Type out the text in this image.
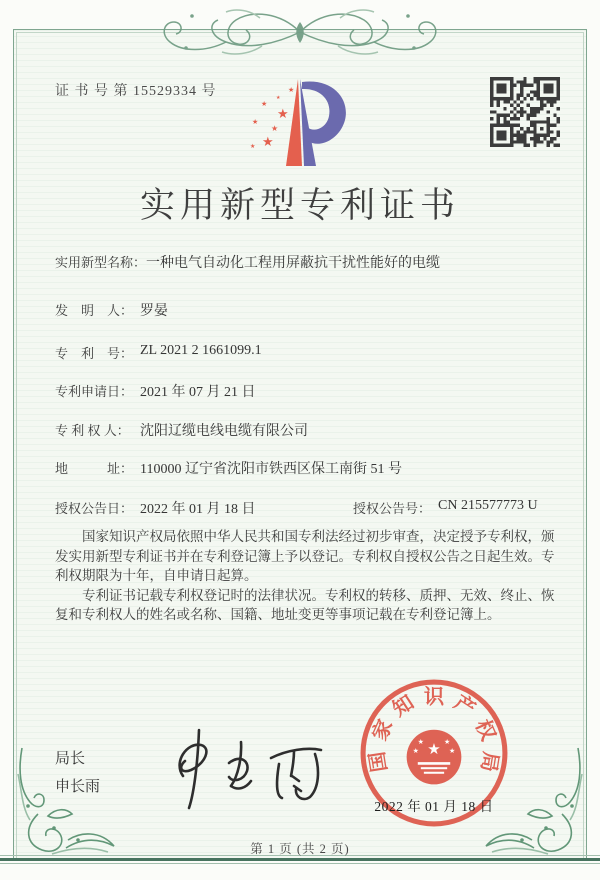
证 书 号 第 15529334 号	★
★
★
★
★
★
★
★
实用新型专利证书
实用新型名称： 一种电气自动化工程用屏蔽抗干扰性能好的电缆
发　明　人： 罗晏
专　利　号： ZL 2021 2 1661099.1
专利申请日： 2021 年 07 月 21 日
专 利 权 人： 沈阳辽缆电线电缆有限公司
地　　　址： 110000 辽宁省沈阳市铁西区保工南街 51 号
授权公告日： 2022 年 01 月 18 日	授权公告号： CN 215577773 U

国家知识产权局依照中华人民共和国专利法经过初步审查，决定授予专利权，颁发实用新型专利证书并在专利登记簿上予以登记。专利权自授权公告之日起生效。专利权期限为十年，自申请日起算。

专利证书记载专利权登记时的法律状况。专利权的转移、质押、无效、终止、恢复和专利权人的姓名或名称、国籍、地址变更等事项记载在专利登记簿上。

局长
申长雨
国
家
知 识 产
权
局
★
★	★
★	★
2022 年 01 月 18 日
第 1 页 (共 2 页)
